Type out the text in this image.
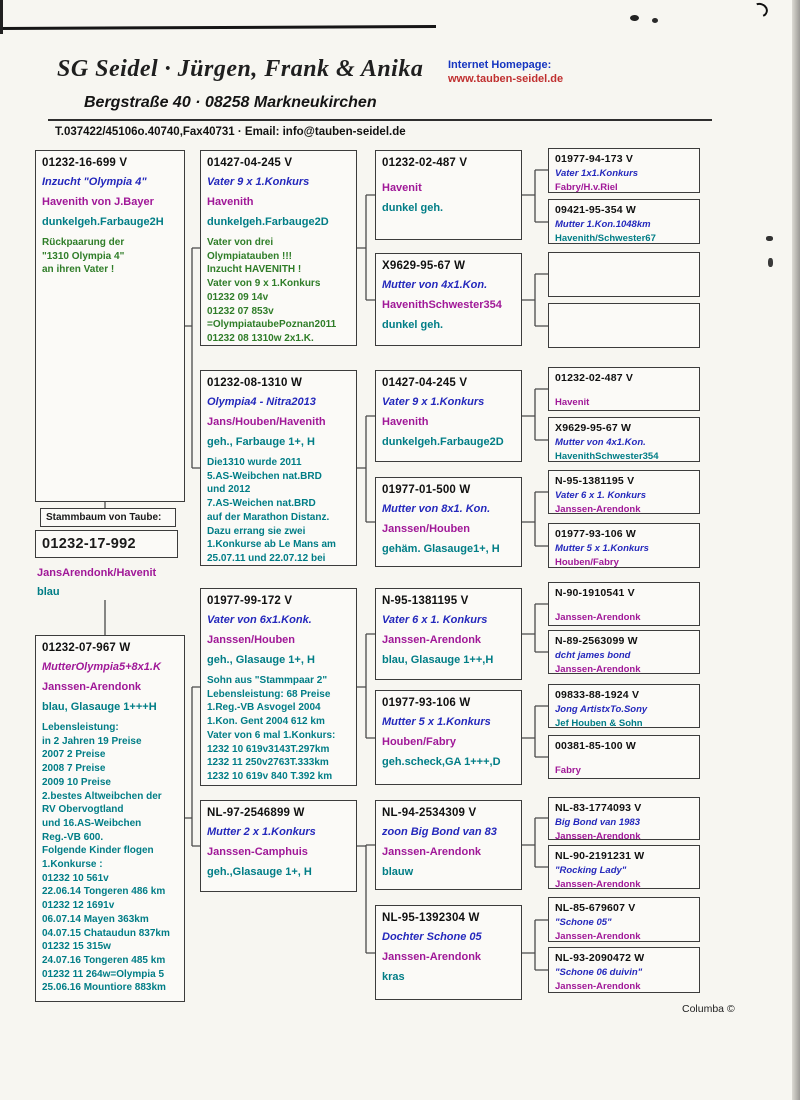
SG Seidel · Jürgen, Frank & Anika Internet Homepage:
www.tauben-seidel.de
Bergstraße 40 · 08258 Markneukirchen
T.037422/45106o.40740,Fax40731 · Email: info@tauben-seidel.de
01232-16-699 V
Inzucht "Olympia 4"
Havenith von J.Bayer
dunkelgeh.Farbauge2H
Rückpaarung der
"1310 Olympia 4"
an ihren Vater !
01232-07-967 W
MutterOlympia5+8x1.K
Janssen-Arendonk
blau, Glasauge 1+++H
Lebensleistung:
in 2 Jahren 19 Preise
2007 2 Preise
2008 7 Preise
2009 10 Preise
2.bestes Altweibchen der
RV Obervogtland
und 16.AS-Weibchen
Reg.-VB 600.
Folgende Kinder flogen
1.Konkurse :
01232 10 561v
22.06.14 Tongeren 486 km
01232 12 1691v
06.07.14 Mayen 363km
04.07.15 Chataudun 837km
01232 15 315w
24.07.16 Tongeren 485 km
01232 11 264w=Olympia 5
25.06.16 Mountiore 883km
Stammbaum von Taube:
01232-17-992
JansArendonk/Havenit
blau
01427-04-245 V
Vater 9 x 1.Konkurs
Havenith
dunkelgeh.Farbauge2D
Vater von drei
Olympiatauben !!!
Inzucht HAVENITH !
Vater von 9 x 1.Konkurs
01232 09 14v
01232 07 853v
=OlympiataubePoznan2011
01232 08 1310w 2x1.K.
01232-08-1310 W
Olympia4 - Nitra2013
Jans/Houben/Havenith
geh., Farbauge 1+, H
Die1310 wurde 2011
5.AS-Weibchen nat.BRD
und 2012
7.AS-Weichen nat.BRD
auf der Marathon Distanz.
Dazu errang sie zwei
1.Konkurse ab Le Mans am
25.07.11 und 22.07.12 bei
01977-99-172 V
Vater von 6x1.Konk.
Janssen/Houben
geh., Glasauge 1+, H
Sohn aus "Stammpaar 2"
Lebensleistung: 68 Preise
1.Reg.-VB Asvogel 2004
1.Kon. Gent 2004 612 km
Vater von 6 mal 1.Konkurs:
1232 10 619v3143T.297km
1232 11 250v2763T.333km
1232 10 619v 840 T.392 km
NL-97-2546899 W
Mutter 2 x 1.Konkurs
Janssen-Camphuis
geh.,Glasauge 1+, H
01232-02-487 V
Havenit
dunkel geh.
X9629-95-67 W
Mutter von 4x1.Kon.
HavenithSchwester354
dunkel geh.
01427-04-245 V
Vater 9 x 1.Konkurs
Havenith
dunkelgeh.Farbauge2D
01977-01-500 W
Mutter von 8x1. Kon.
Janssen/Houben
gehäm. Glasauge1+, H
N-95-1381195 V
Vater 6 x 1. Konkurs
Janssen-Arendonk
blau, Glasauge 1++,H
01977-93-106 W
Mutter 5 x 1.Konkurs
Houben/Fabry
geh.scheck,GA 1+++,D
NL-94-2534309 V
zoon Big Bond van 83
Janssen-Arendonk
blauw
NL-95-1392304 W
Dochter Schone 05
Janssen-Arendonk
kras
01977-94-173 V
Vater 1x1.Konkurs
Fabry/H.v.Riel
09421-95-354 W
Mutter 1.Kon.1048km
Havenith/Schwester67
01232-02-487 V
Havenit
X9629-95-67 W
Mutter von 4x1.Kon.
HavenithSchwester354
N-95-1381195 V
Vater 6 x 1. Konkurs
Janssen-Arendonk
01977-93-106 W
Mutter 5 x 1.Konkurs
Houben/Fabry
N-90-1910541 V
Janssen-Arendonk
N-89-2563099 W
dcht james bond
Janssen-Arendonk
09833-88-1924 V
Jong ArtistxTo.Sony
Jef Houben & Sohn
00381-85-100 W
Fabry
NL-83-1774093 V
Big Bond van 1983
Janssen-Arendonk
NL-90-2191231 W
"Rocking Lady"
Janssen-Arendonk
NL-85-679607 V
"Schone 05"
Janssen-Arendonk
NL-93-2090472 W
"Schone 06 duivin"
Janssen-Arendonk
Columba ©
